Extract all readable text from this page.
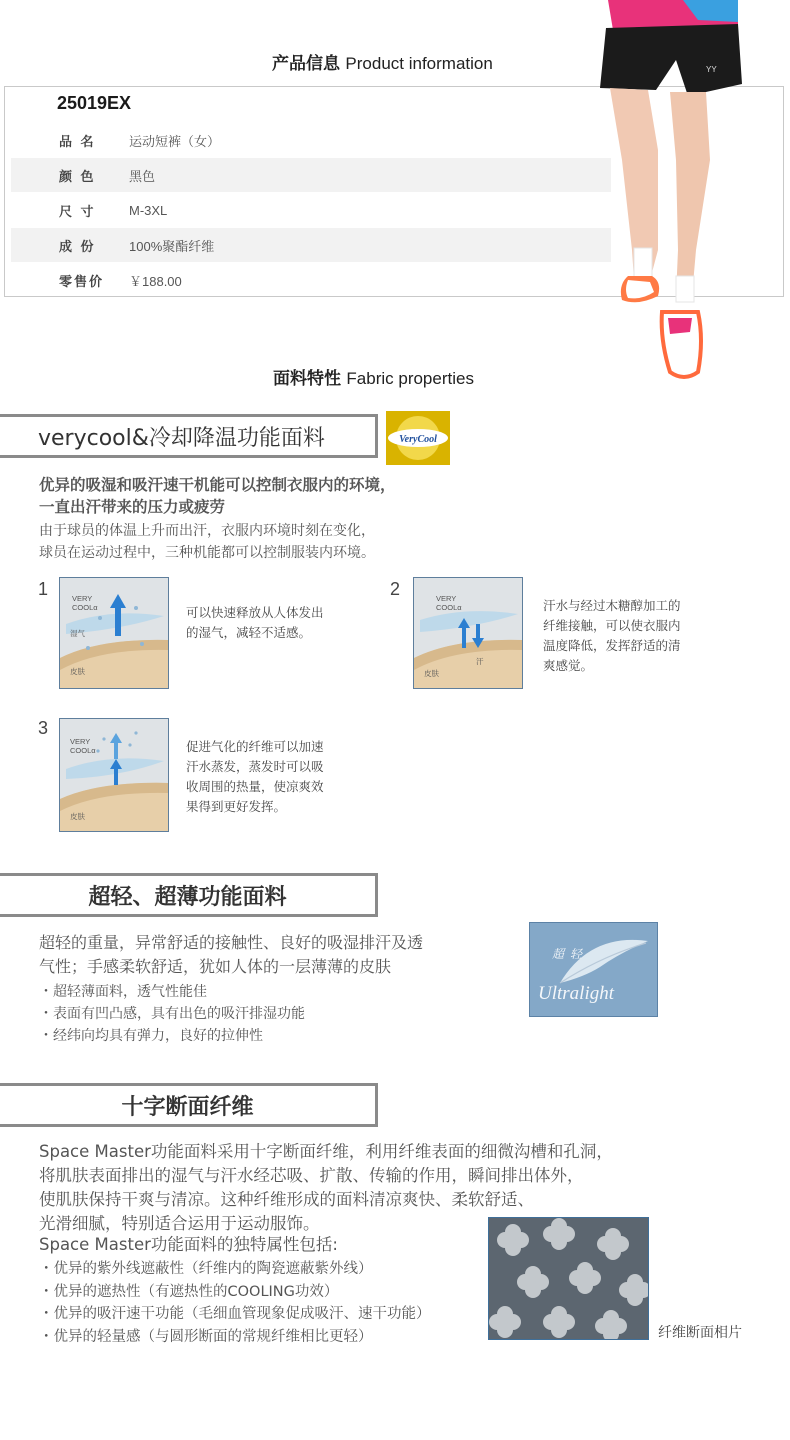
产品信息 Product information
25019EX
品 名	运动短裤（女）
颜 色	黑色
尺 寸	M-3XL
成 份	100%聚酯纤维
零售价	￥188.00
YY
面料特性 Fabric properties
verycool&冷却降温功能面料	VeryCool
优异的吸湿和吸汗速干机能可以控制衣服内的环境，
一直出汗带来的压力或疲劳
由于球员的体温上升而出汗，衣服内环境时刻在变化，
球员在运动过程中，三种机能都可以控制服装内环境。
1	VERY
COOLα
湿气
皮肤
可以快速释放从人体发出
的湿气，减轻不适感。
2	VERY
COOLα
汗
皮肤
汗水与经过木糖醇加工的
纤维接触，可以使衣服内
温度降低，发挥舒适的清
爽感觉。
3
VERY
COOLα
皮肤
促进气化的纤维可以加速
汗水蒸发，蒸发时可以吸
收周围的热量，使凉爽效
果得到更好发挥。
超轻、超薄功能面料
超轻的重量，异常舒适的接触性、良好的吸湿排汗及透
气性；手感柔软舒适，犹如人体的一层薄薄的皮肤
・超轻薄面料，透气性能佳
・表面有凹凸感，具有出色的吸汗排湿功能
・经纬向均具有弹力，良好的拉伸性
超轻
Ultralight
十字断面纤维
Space Master功能面料采用十字断面纤维，利用纤维表面的细微沟槽和孔洞，
将肌肤表面排出的湿气与汗水经芯吸、扩散、传输的作用，瞬间排出体外，
使肌肤保持干爽与清凉。这种纤维形成的面料清凉爽快、柔软舒适、
光滑细腻，特别适合运用于运动服饰。
Space Master功能面料的独特属性包括:
・优异的紫外线遮蔽性（纤维内的陶瓷遮蔽紫外线）
・优异的遮热性（有遮热性的COOLING功效）
・优异的吸汗速干功能（毛细血管现象促成吸汗、速干功能）
・优异的轻量感（与圆形断面的常规纤维相比更轻）	纤维断面相片
